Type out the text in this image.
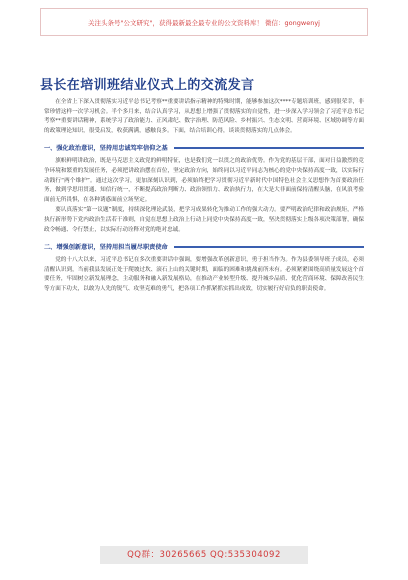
关注头条号"公文研究"，获得最新最全最专业的公文资料库！ 微信：gongwenyj
县长在培训班结业仪式上的交流发言

在全省上下深入贯彻落实习近平总书记考察**重要讲话指示精神的特殊时期，能够参加这次****专题培训班，感到很荣幸，非常珍惜这样一次学习机会。半个多月来，结合认真学习，从思想上增强了贯彻落实的自觉性，进一步深入学习领会了习近平总书记考察**重要讲话精神，系统学习了政治能力、正风肃纪、数字治理、防范风险、乡村振兴、生态文明、营商环境、区域协调等方面的政策理论知识，很受启发，收获满满，感触良多。下面，结合培训心得，谈谈贯彻落实的几点体会。

一、强化政治意识，坚持用忠诚笃牢信仰之基

旗帜鲜明讲政治，既是马克思主义政党的鲜明特征，也是我们党一以贯之的政治优势。作为党的基层干部，面对日益激烈的竞争环境和繁重的发展任务，必须把讲政治摆在首位，坚定政治方向，始终同以习近平同志为核心的党中央保持高度一致，以实际行动践行“两个维护”。通过这次学习，更加深刻认识到，必须始终把学习贯彻习近平新时代中国特色社会主义思想作为首要政治任务，做到学思用贯通、知信行统一，不断提高政治判断力、政治领悟力、政治执行力，在大是大非面前保持清醒头脑，在风浪考验面前无所畏惧，在各种诱惑面前立场坚定。

要认真落实“第一议题”制度，持续深化理论武装，把学习成果转化为推动工作的强大动力。要严明政治纪律和政治规矩，严格执行新形势下党内政治生活若干准则，自觉在思想上政治上行动上同党中央保持高度一致，坚决贯彻落实上级各项决策部署，确保政令畅通、令行禁止，以实际行动诠释对党的绝对忠诚。

二、增强创新意识，坚持用担当履尽职责使命

党的十八大以来，习近平总书记在多次重要讲话中强调，要增强改革创新意识，勇于担当作为。作为县委领导班子成员，必须清醒认识到，当前我县发展正处于爬坡过坎、滚石上山的关键时期，面临的困难和挑战前所未有。必须紧紧围绕高质量发展这个首要任务，牢固树立新发展理念，主动服务和融入新发展格局，在推动产业转型升级、提升城乡品质、优化营商环境、保障改善民生等方面下功夫，以敢为人先的锐气、攻坚克难的勇气，把各项工作抓紧抓实抓出成效，切实履行好肩负的职责使命。

QQ群：30265665 QQ:535304092
